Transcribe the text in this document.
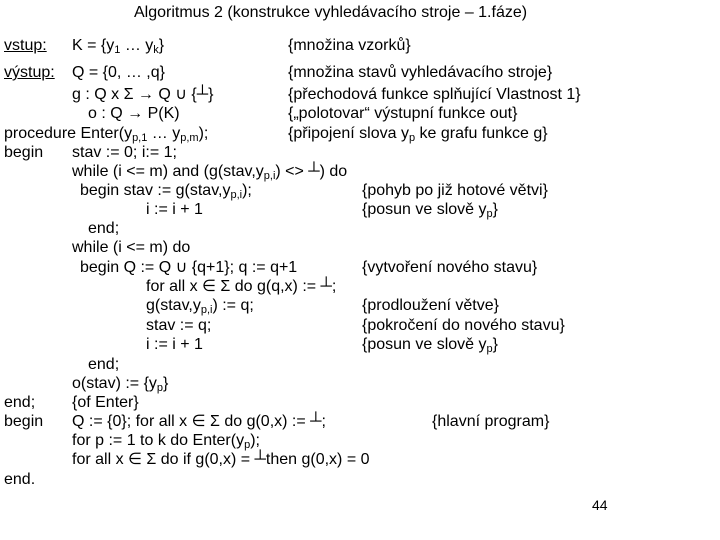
Algoritmus 2 (konstrukce vyhledávacího stroje – 1.fáze)
vstup: $K = \{y_1$ … $y_k$}	{množina vzorků}
výstup: Q = {0, … ,q}	{množina stavů vyhledávacího stroje}
g : Q x Σ → Q ∪ {┴}	{přechodová funkce splňující Vlastnost 1}
o : Q → P(K)	{„polotovar“ výstupní funkce out}
procedure $Enter(y_{p,1}$ … $y_{p,m}$);	{připojení slova $y_p$ ke grafu funkce g}
begin stav := 0; i:= 1;
while (i <= m) and ($g(stav,y_{p,i})$ <> ┴) do
begin stav := $g(stav,y_{p,i})$;	{pohyb po již hotové větvi}
i := i + 1	{posun ve slově $y_p$}
end;
while (i <= m) do
begin Q := Q ∪ {q+1}; q := q+1	{vytvoření nového stavu}
for all x ∈ Σ do g(q,x) := ┴;
$g(stav,y_{p,i})$ := q;	{prodloužení větve}
stav := q;	{pokročení do nového stavu}
i := i + 1	{posun ve slově $y_p$}
end;
o(stav) := $\{y_p\}$
end; {of Enter}
begin Q := {0}; for all x ∈ Σ do g(0,x) := ┴;	{hlavní program}
for p := 1 to k do $Enter(y_p)$;
for all x ∈ Σ do if g(0,x) = ┴then g(0,x) = 0
end.
44
